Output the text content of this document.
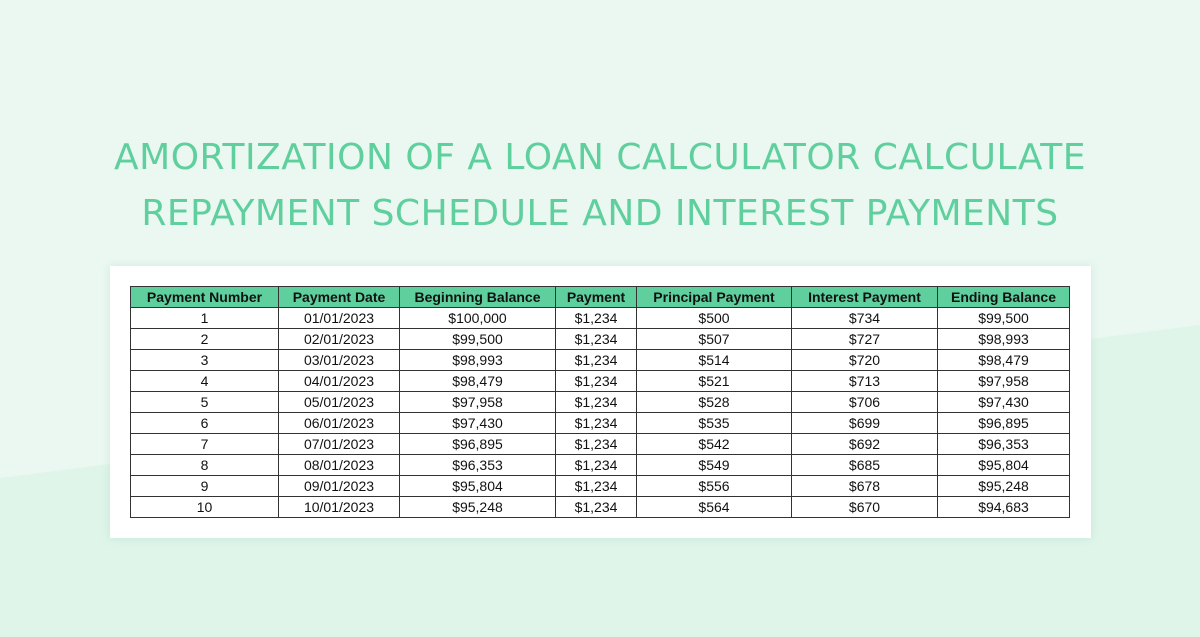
AMORTIZATION OF A LOAN CALCULATOR CALCULATE
REPAYMENT SCHEDULE AND INTEREST PAYMENTS
Payment Number	Payment Date	Beginning Balance	Payment	Principal Payment	Interest Payment	Ending Balance
1	01/01/2023	$100,000	$1,234	$500	$734	$99,500
2	02/01/2023	$99,500	$1,234	$507	$727	$98,993
3	03/01/2023	$98,993	$1,234	$514	$720	$98,479
4	04/01/2023	$98,479	$1,234	$521	$713	$97,958
5	05/01/2023	$97,958	$1,234	$528	$706	$97,430
6	06/01/2023	$97,430	$1,234	$535	$699	$96,895
7	07/01/2023	$96,895	$1,234	$542	$692	$96,353
8	08/01/2023	$96,353	$1,234	$549	$685	$95,804
9	09/01/2023	$95,804	$1,234	$556	$678	$95,248
10	10/01/2023	$95,248	$1,234	$564	$670	$94,683
